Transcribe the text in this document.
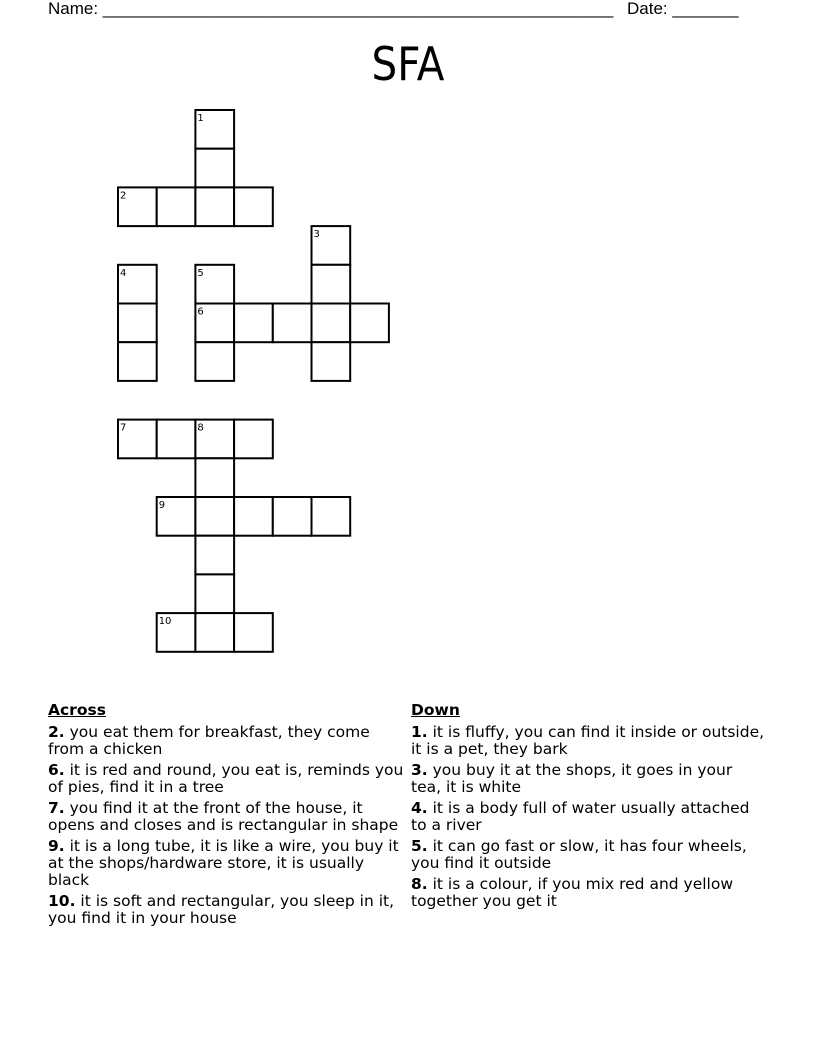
Name: ______________________________________________________ Date: _______
SFA
1
2
3
4	5
6
7	8
9
10
Across
2. you eat them for breakfast, they come from a chicken
6. it is red and round, you eat is, reminds you of pies, find it in a tree
7. you find it at the front of the house, it opens and closes and is rectangular in shape
9. it is a long tube, it is like a wire, you buy it at the shops/hardware store, it is usually black
10. it is soft and rectangular, you sleep in it, you find it in your house
Down
1. it is fluffy, you can find it inside or outside, it is a pet, they bark
3. you buy it at the shops, it goes in your tea, it is white
4. it is a body full of water usually attached to a river
5. it can go fast or slow, it has four wheels, you find it outside
8. it is a colour, if you mix red and yellow together you get it
